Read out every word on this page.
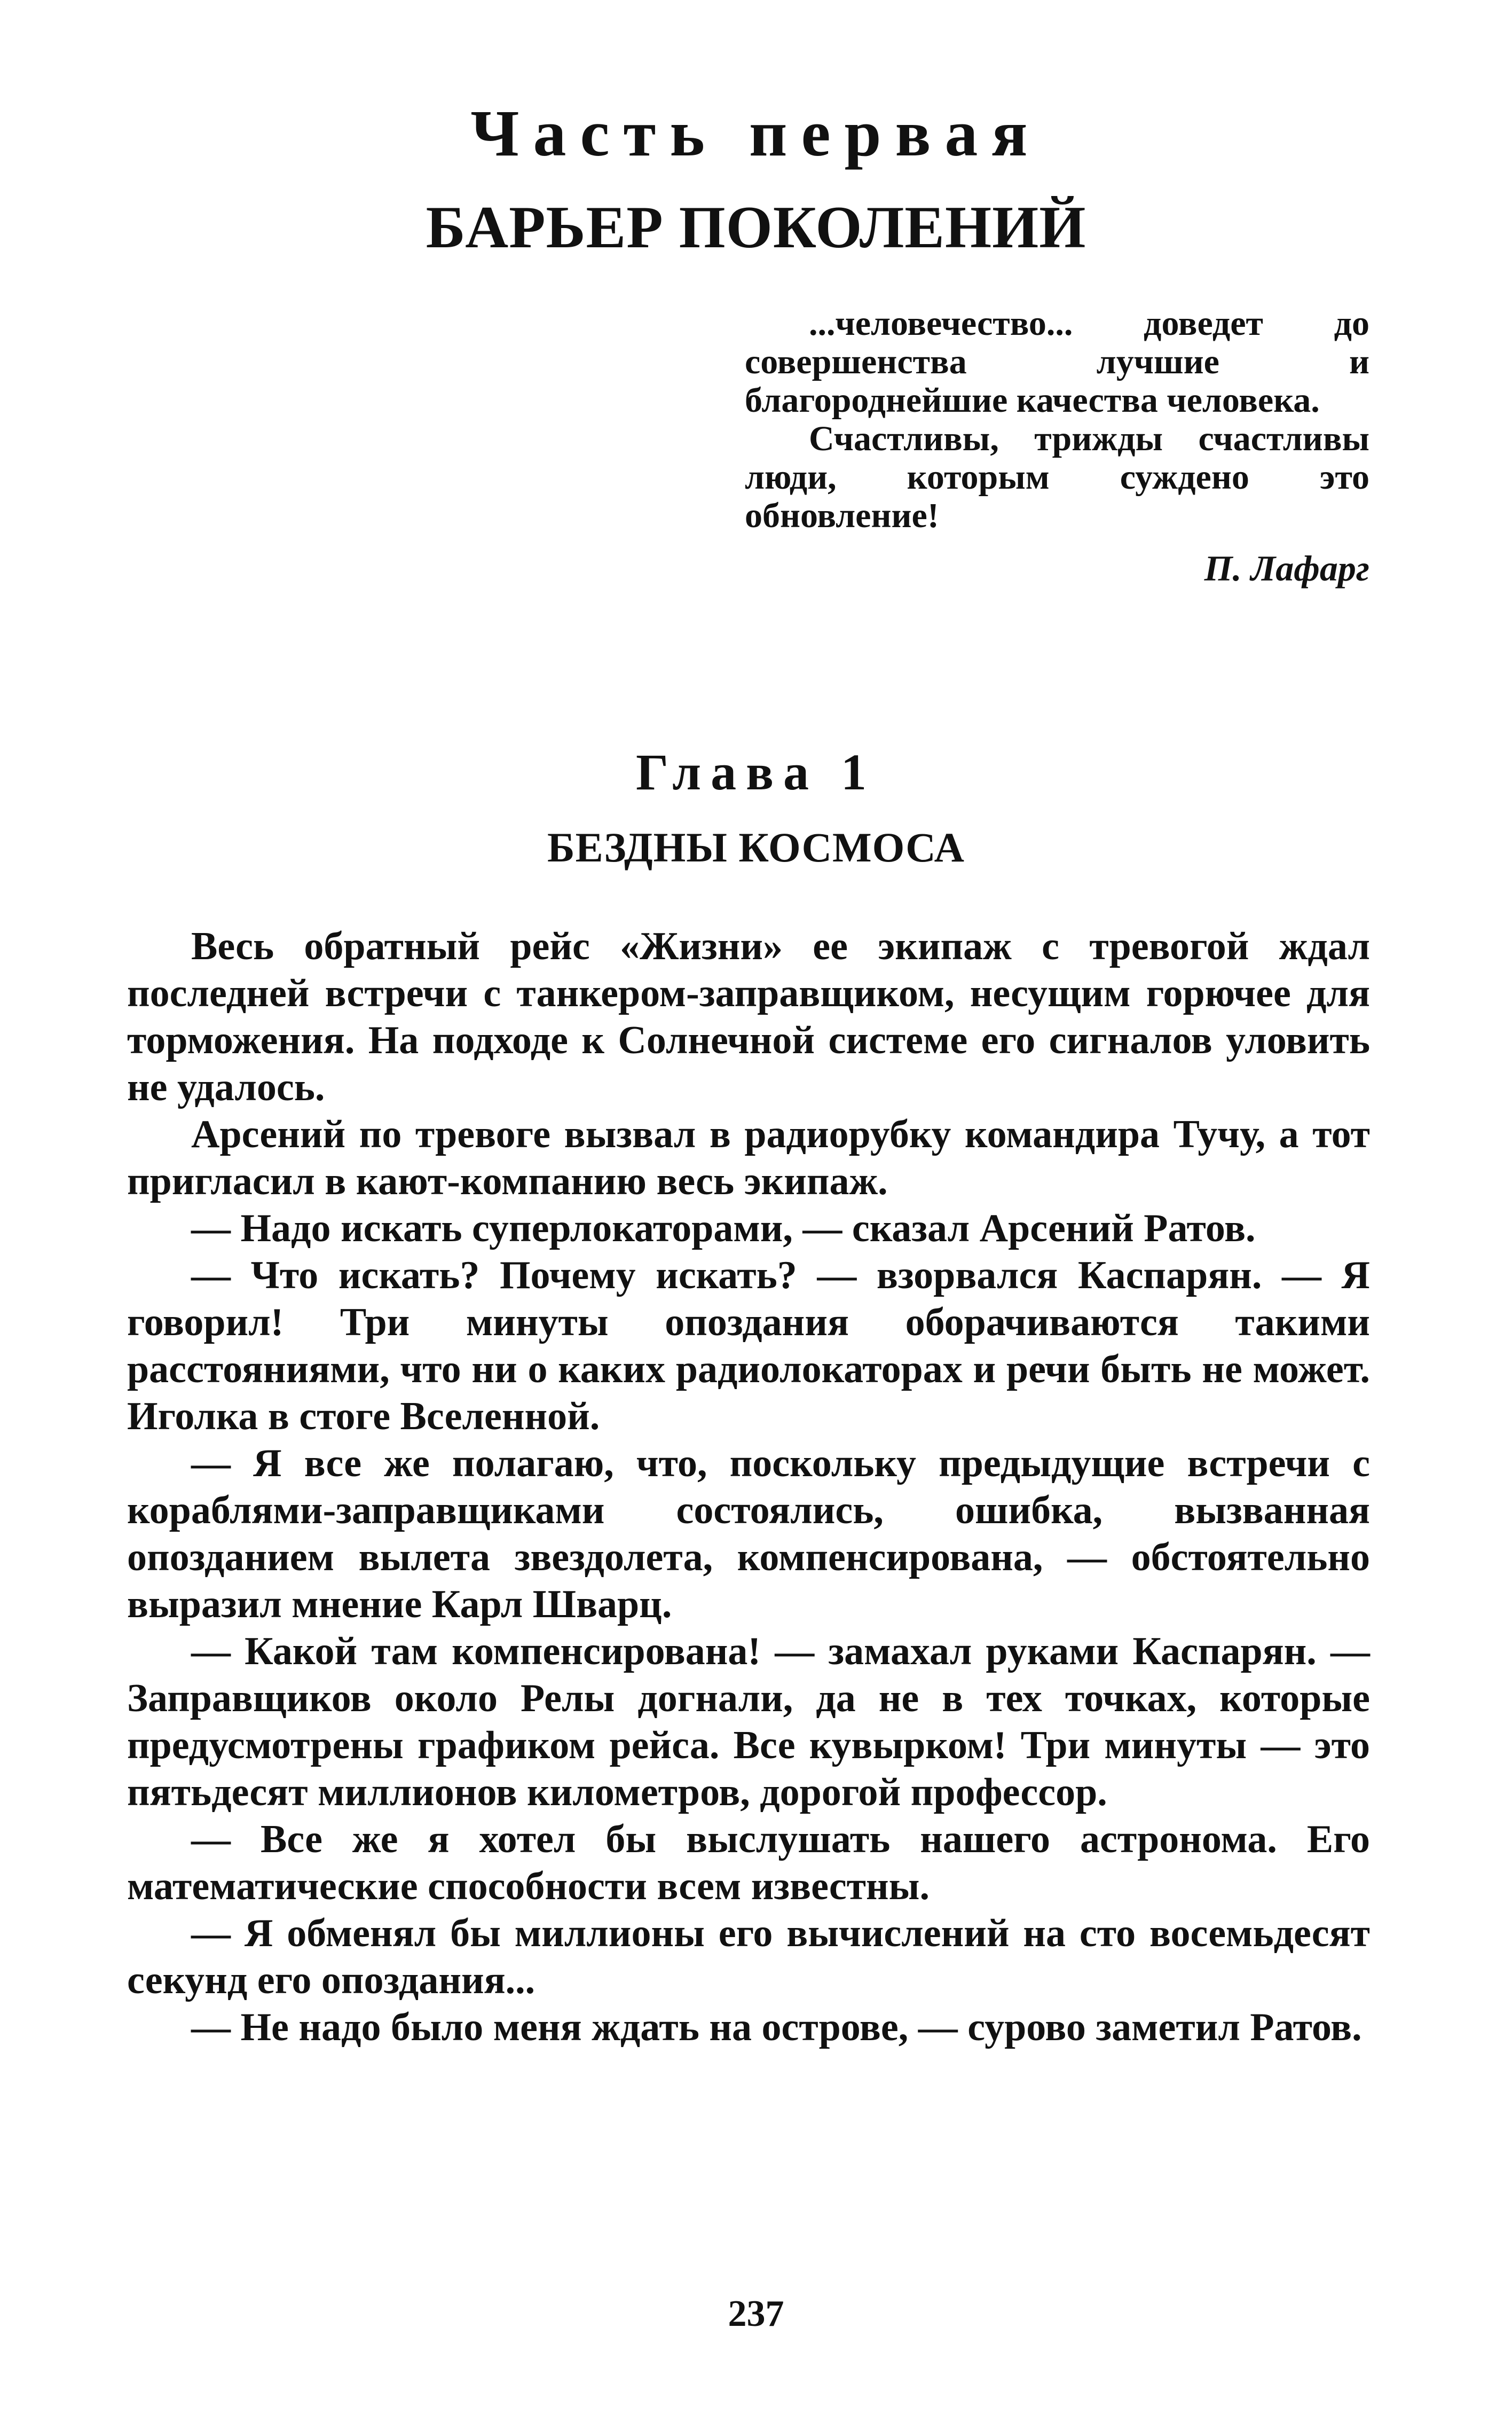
Часть первая
БАРЬЕР ПОКОЛЕНИЙ

...человечество... доведет до совершенства лучшие и благороднейшие качества человека.

Счастливы, трижды счастливы люди, которым суждено это обновление!

П. Лафарг
Глава 1
БЕЗДНЫ КОСМОСА

Весь обратный рейс «Жизни» ее экипаж с тревогой ждал последней встречи с танкером-заправщиком, несущим горючее для торможения. На подходе к Солнечной системе его сигналов уловить не удалось.

Арсений по тревоге вызвал в радиорубку командира Тучу, а тот пригласил в кают-компанию весь экипаж.

— Надо искать суперлокаторами, — сказал Арсений Ратов.

— Что искать? Почему искать? — взорвался Каспарян. — Я говорил! Три минуты опоздания оборачиваются такими расстояниями, что ни о каких радиолокаторах и речи быть не может. Иголка в стоге Вселенной.

— Я все же полагаю, что, поскольку предыдущие встречи с кораблями-заправщиками состоялись, ошибка, вызванная опозданием вылета звездолета, компенсирована, — обстоятельно выразил мнение Карл Шварц.

— Какой там компенсирована! — замахал руками Каспарян. — Заправщиков около Релы догнали, да не в тех точках, которые предусмотрены графиком рейса. Все кувырком! Три минуты — это пятьдесят миллионов километров, дорогой профессор.

— Все же я хотел бы выслушать нашего астронома. Его математические способности всем известны.

— Я обменял бы миллионы его вычислений на сто восемьдесят секунд его опоздания...

— Не надо было меня ждать на острове, — сурово заметил Ратов.

237
